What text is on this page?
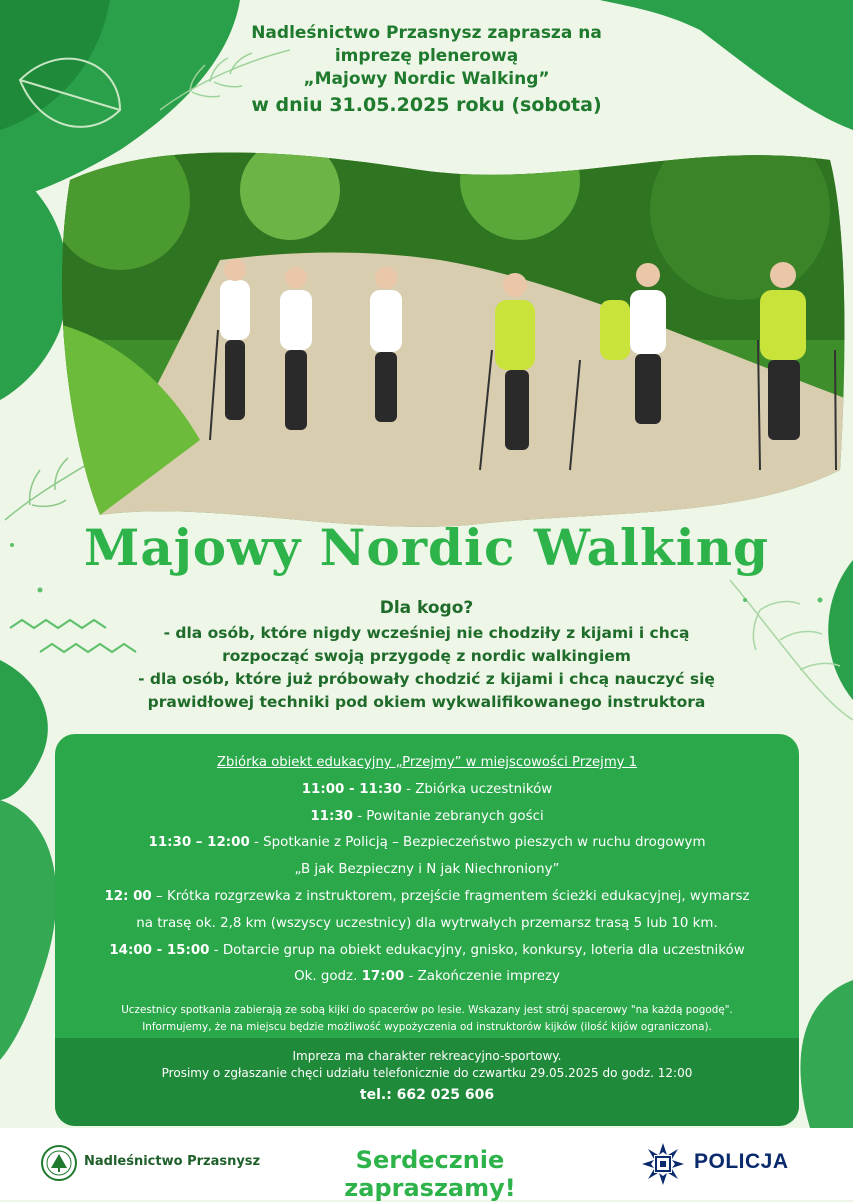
Nadleśnictwo Przasnysz zaprasza na
imprezę plenerową
„Majowy Nordic Walking”
w dniu 31.05.2025 roku (sobota)
Majowy Nordic Walking
Dla kogo?
- dla osób, które nigdy wcześniej nie chodziły z kijami i chcą
rozpocząć swoją przygodę z nordic walkingiem
- dla osób, które już próbowały chodzić z kijami i chcą nauczyć się
prawidłowej techniki pod okiem wykwalifikowanego instruktora
Zbiórka obiekt edukacyjny „Przejmy” w miejscowości Przejmy 1
11:00 - 11:30 - Zbiórka uczestników
11:30 - Powitanie zebranych gości
11:30 – 12:00 - Spotkanie z Policją – Bezpieczeństwo pieszych w ruchu drogowym
„B jak Bezpieczny i N jak Niechroniony”
12: 00 – Krótka rozgrzewka z instruktorem, przejście fragmentem ścieżki edukacyjnej, wymarsz
na trasę ok. 2,8 km (wszyscy uczestnicy) dla wytrwałych przemarsz trasą 5 lub 10 km.
14:00 - 15:00 - Dotarcie grup na obiekt edukacyjny, gnisko, konkursy, loteria dla uczestników
Ok. godz. 17:00 - Zakończenie imprezy
Uczestnicy spotkania zabierają ze sobą kijki do spacerów po lesie. Wskazany jest strój spacerowy "na każdą pogodę".
Informujemy, że na miejscu będzie możliwość wypożyczenia od instruktorów kijków (ilość kijów ograniczona).
Impreza ma charakter rekreacyjno-sportowy.
Prosimy o zgłaszanie chęci udziału telefonicznie do czwartku 29.05.2025 do godz. 12:00
tel.: 662 025 606
Nadleśnictwo Przasnysz	Serdecznie zapraszamy!
POLICJA
